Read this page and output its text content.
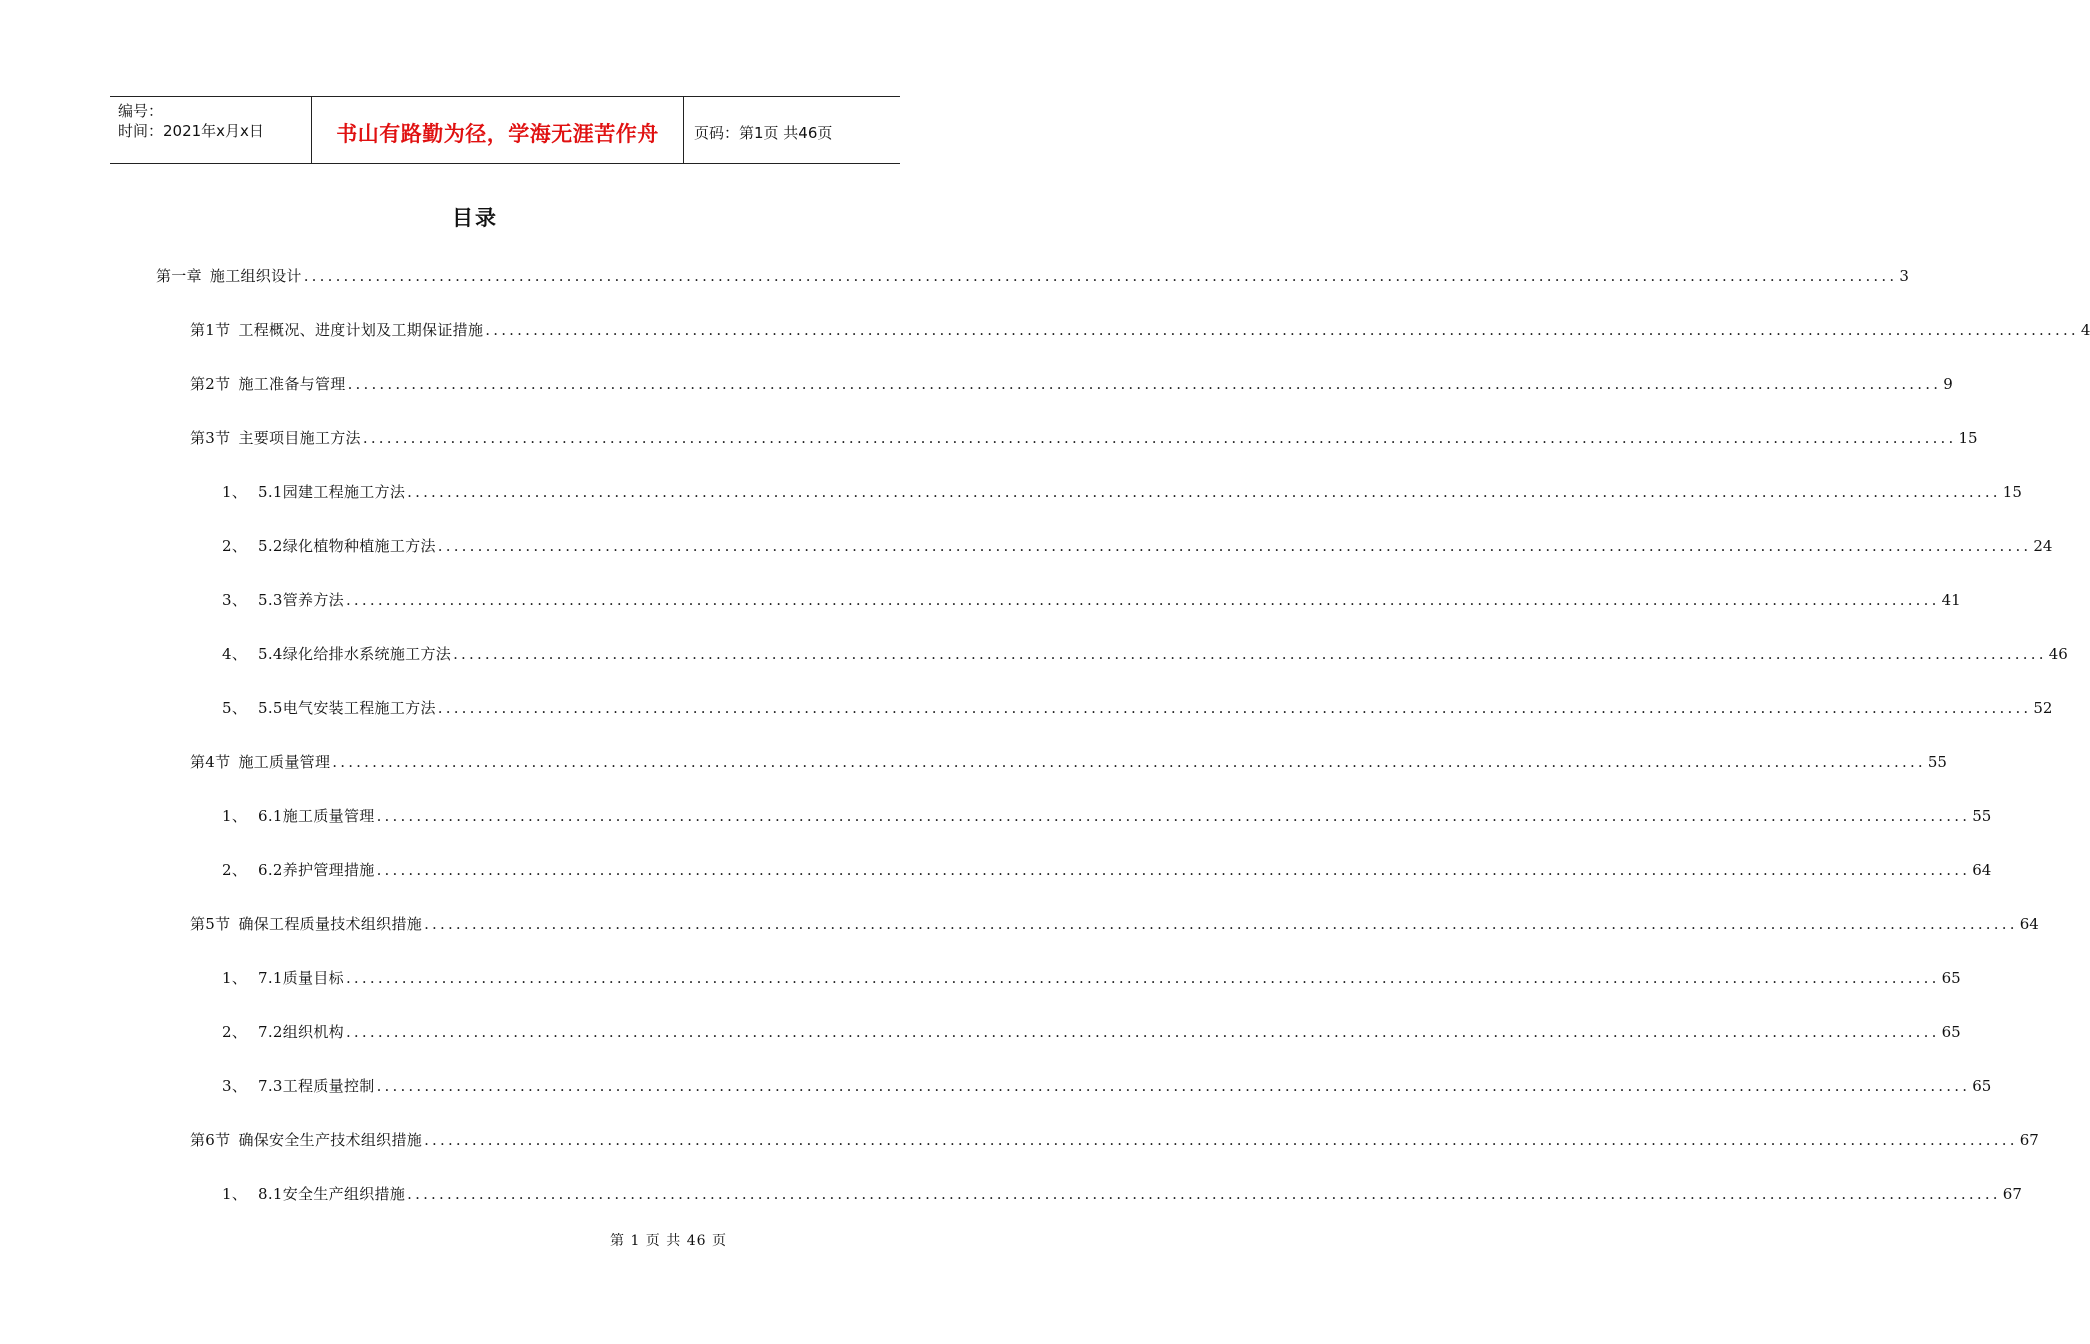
编号：
时间：2021年x月x日	书山有路勤为径，学海无涯苦作舟 页码：第1页 共46页
目录
第一章 施工组织设计 ........................................................................................................................................................................................................ 3
第1节 工程概况、进度计划及工期保证措施 ........................................................................................................................................................................................................ 4
第2节 施工准备与管理 ........................................................................................................................................................................................................ 9
第3节 主要项目施工方法 ........................................................................................................................................................................................................ 15
1、 5.1园建工程施工方法 ........................................................................................................................................................................................................ 15
2、 5.2绿化植物种植施工方法 ........................................................................................................................................................................................................ 24
3、 5.3管养方法 ........................................................................................................................................................................................................ 41
4、 5.4绿化给排水系统施工方法 ........................................................................................................................................................................................................ 46
5、 5.5电气安装工程施工方法 ........................................................................................................................................................................................................ 52
第4节 施工质量管理 ........................................................................................................................................................................................................ 55
1、 6.1施工质量管理 ........................................................................................................................................................................................................ 55
2、 6.2养护管理措施 ........................................................................................................................................................................................................ 64
第5节 确保工程质量技术组织措施 ........................................................................................................................................................................................................ 64
1、 7.1质量目标 ........................................................................................................................................................................................................ 65
2、 7.2组织机构 ........................................................................................................................................................................................................ 65
3、 7.3工程质量控制 ........................................................................................................................................................................................................ 65
第6节 确保安全生产技术组织措施 ........................................................................................................................................................................................................ 67
1、 8.1安全生产组织措施 ........................................................................................................................................................................................................ 67
第 1 页 共 46 页
